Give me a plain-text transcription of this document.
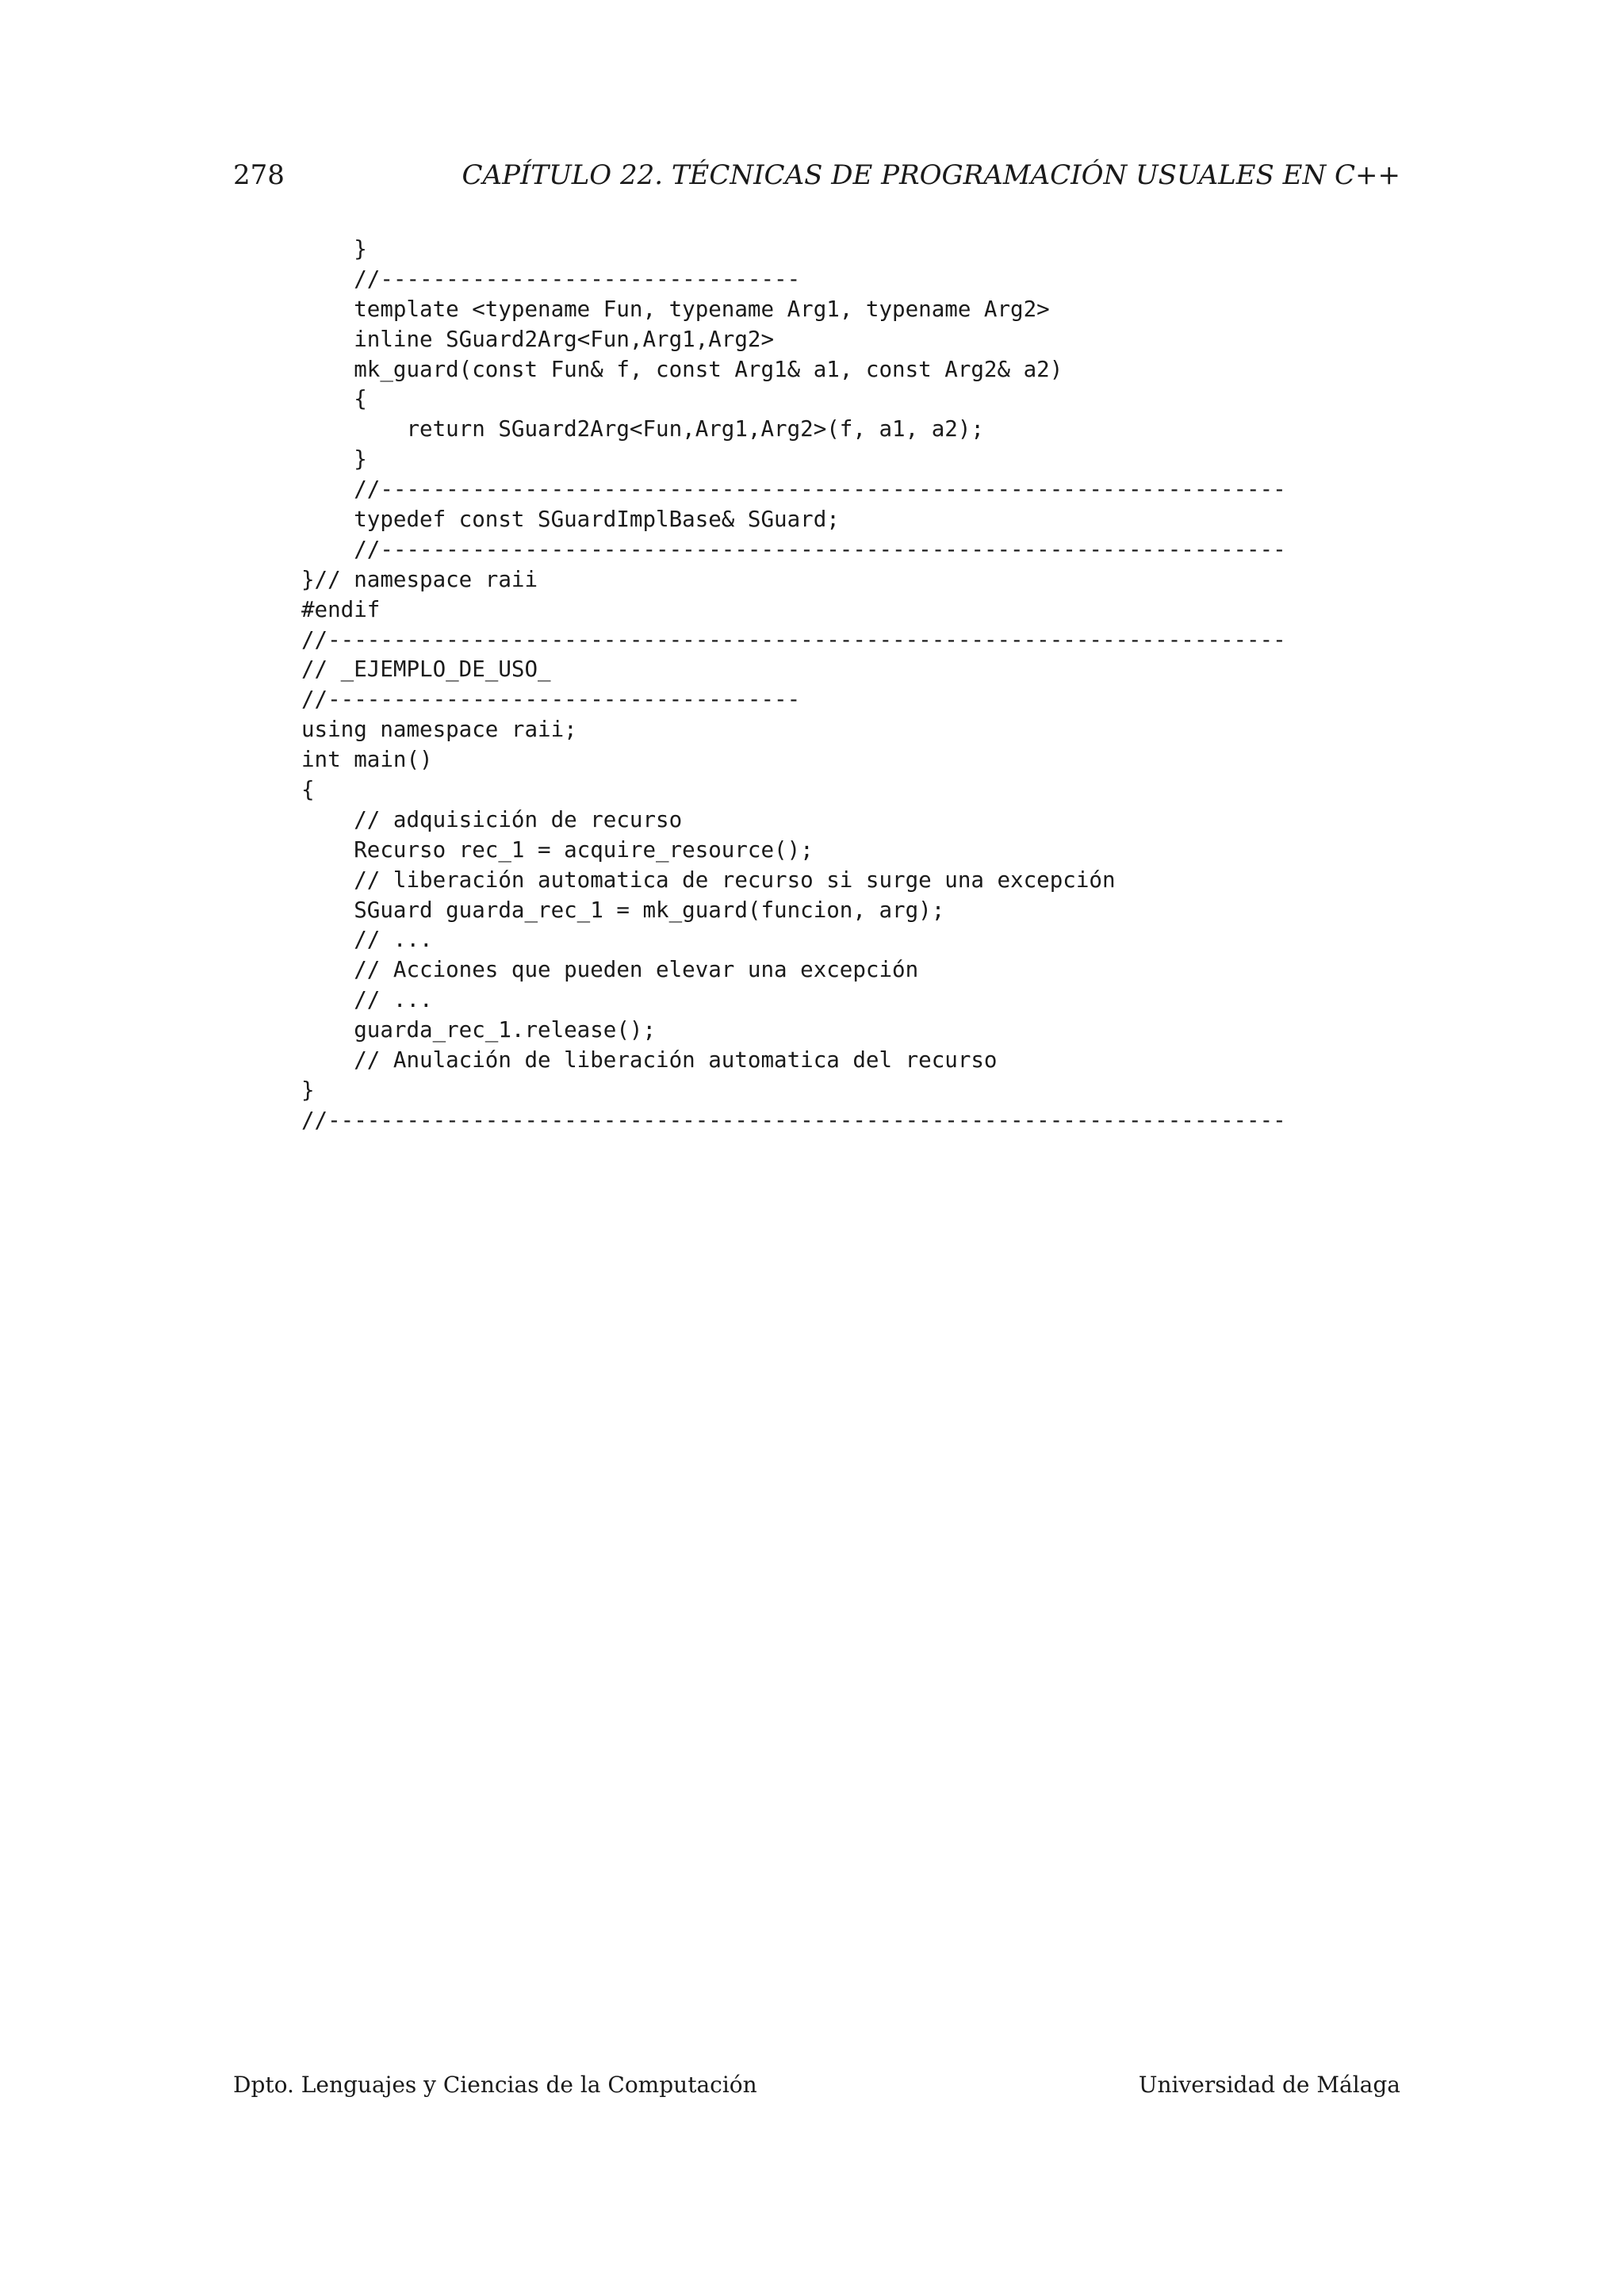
278	CAPÍTULO 22. TÉCNICAS DE PROGRAMACIÓN USUALES EN C++
}
//--------------------------------
template <typename Fun, typename Arg1, typename Arg2>
inline SGuard2Arg<Fun,Arg1,Arg2>
mk_guard(const Fun& f, const Arg1& a1, const Arg2& a2)
{
return SGuard2Arg<Fun,Arg1,Arg2>(f, a1, a2);
}
//---------------------------------------------------------------------
typedef const SGuardImplBase& SGuard;
//---------------------------------------------------------------------
}// namespace raii
#endif
//-------------------------------------------------------------------------
// _EJEMPLO_DE_USO_
//------------------------------------
using namespace raii;
int main()
{
// adquisición de recurso
Recurso rec_1 = acquire_resource();
// liberación automatica de recurso si surge una excepción
SGuard guarda_rec_1 = mk_guard(funcion, arg);
// ...
// Acciones que pueden elevar una excepción
// ...
guarda_rec_1.release();
// Anulación de liberación automatica del recurso
}
//-------------------------------------------------------------------------
Dpto. Lenguajes y Ciencias de la Computación	Universidad de Málaga
